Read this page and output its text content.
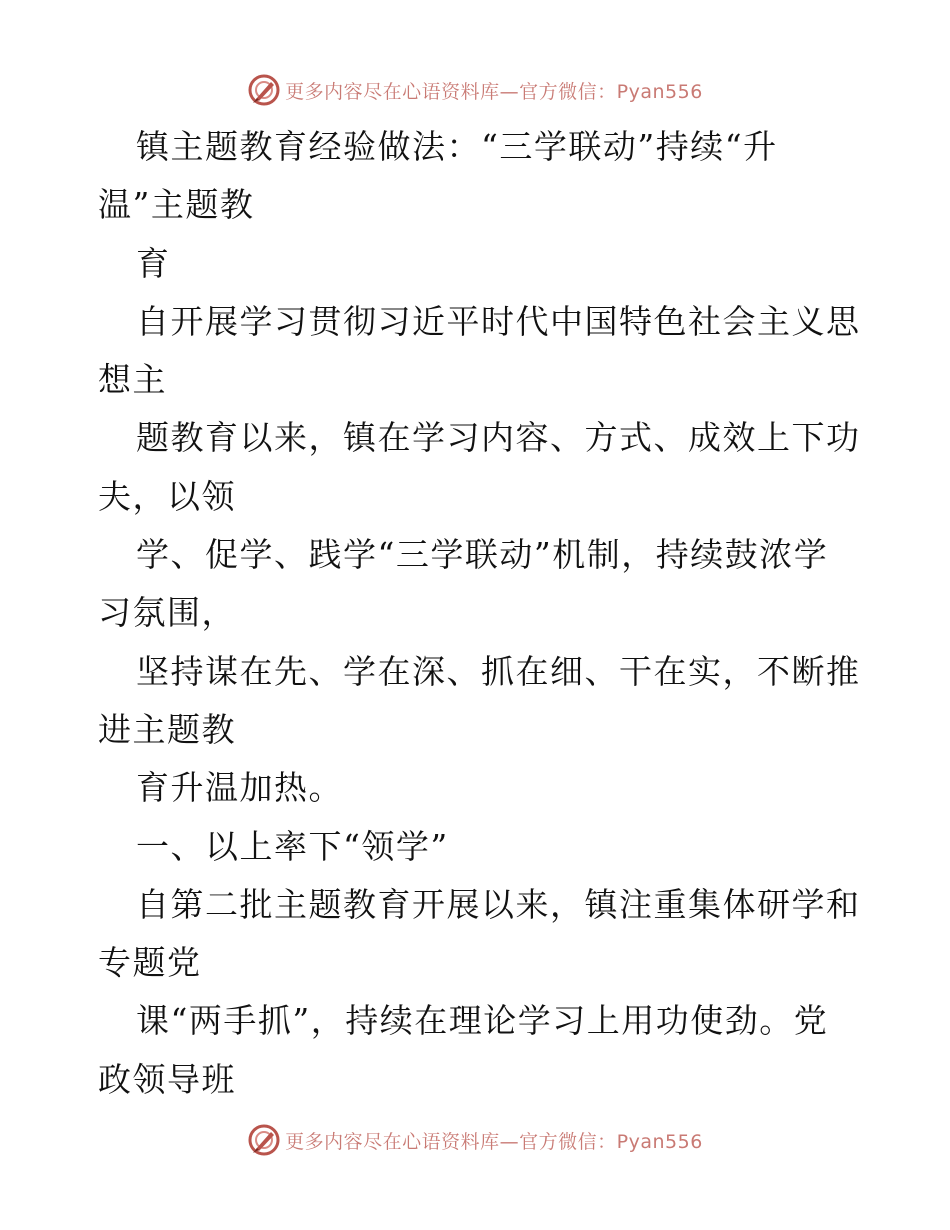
更多内容尽在心语资料库—官方微信：Pyan556
镇主题教育经验做法：“三学联动”持续“升
温”主题教
育
自开展学习贯彻习近平时代中国特色社会主义思
想主
题教育以来，镇在学习内容、方式、成效上下功
夫，以领
学、促学、践学“三学联动”机制，持续鼓浓学
习氛围，
坚持谋在先、学在深、抓在细、干在实，不断推
进主题教
育升温加热。
一、以上率下“领学”
自第二批主题教育开展以来，镇注重集体研学和
专题党
课“两手抓”，持续在理论学习上用功使劲。党
政领导班
更多内容尽在心语资料库—官方微信：Pyan556
